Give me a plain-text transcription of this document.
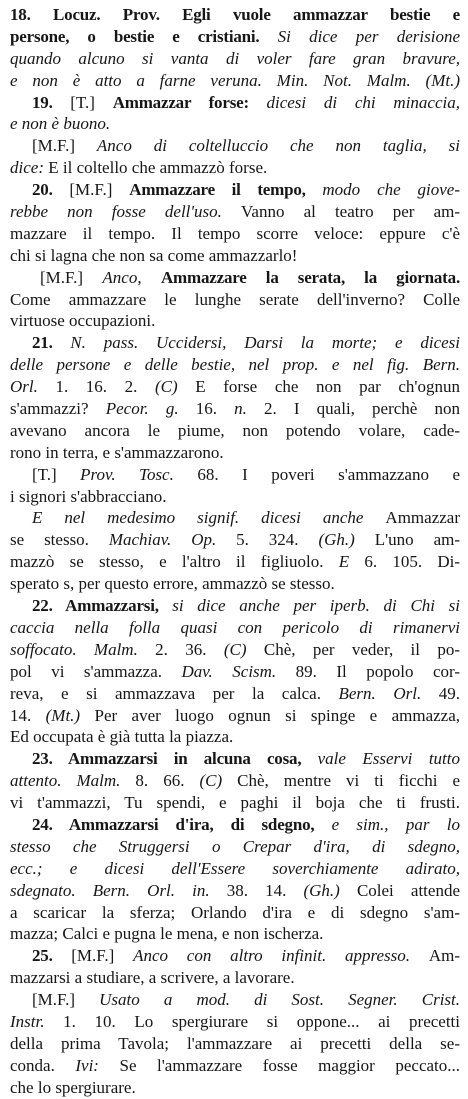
18. Locuz. Prov. Egli vuole ammazzar bestie e
persone, o bestie e cristiani. Si dice per derisione
quando alcuno si vanta di voler fare gran bravure,
e non è atto a farne veruna. Min. Not. Malm. (Mt.)
19. [T.] Ammazzar forse: dicesi di chi minaccia,
e non è buono.
[M.F.] Anco di coltelluccio che non taglia, si
dice: E il coltello che ammazzò forse.
20. [M.F.] Ammazzare il tempo, modo che giove-
rebbe non fosse dell'uso. Vanno al teatro per am-
mazzare il tempo. Il tempo scorre veloce: eppure c'è
chi si lagna che non sa come ammazzarlo!
[M.F.] Anco, Ammazzare la serata, la giornata.
Come ammazzare le lunghe serate dell'inverno? Colle
virtuose occupazioni.
21. N. pass. Uccidersi, Darsi la morte; e dicesi
delle persone e delle bestie, nel prop. e nel fig. Bern.
Orl. 1. 16. 2. (C) E forse che non par ch'ognun
s'ammazzi? Pecor. g. 16. n. 2. I quali, perchè non
avevano ancora le piume, non potendo volare, cade-
rono in terra, e s'ammazzarono.
[T.] Prov. Tosc. 68. I poveri s'ammazzano e
i signori s'abbracciano.
E nel medesimo signif. dicesi anche Ammazzar
se stesso. Machiav. Op. 5. 324. (Gh.) L'uno am-
mazzò se stesso, e l'altro il figliuolo. E 6. 105. Di-
sperato s, per questo errore, ammazzò se stesso.
22. Ammazzarsi, si dice anche per iperb. di Chi si
caccia nella folla quasi con pericolo di rimanervi
soffocato. Malm. 2. 36. (C) Chè, per veder, il po-
pol vi s'ammazza. Dav. Scism. 89. Il popolo cor-
reva, e si ammazzava per la calca. Bern. Orl. 49.
14. (Mt.) Per aver luogo ognun si spinge e ammazza,
Ed occupata è già tutta la piazza.
23. Ammazzarsi in alcuna cosa, vale Esservi tutto
attento. Malm. 8. 66. (C) Chè, mentre vi ti ficchi e
vi t'ammazzi, Tu spendi, e paghi il boja che ti frusti.
24. Ammazzarsi d'ira, di sdegno, e sim., par lo
stesso che Struggersi o Crepar d'ira, di sdegno,
ecc.; e dicesi dell'Essere soverchiamente adirato,
sdegnato. Bern. Orl. in. 38. 14. (Gh.) Colei attende
a scaricar la sferza; Orlando d'ira e di sdegno s'am-
mazza; Calci e pugna le mena, e non ischerza.
25. [M.F.] Anco con altro infinit. appresso. Am-
mazzarsi a studiare, a scrivere, a lavorare.
[M.F.] Usato a mod. di Sost. Segner. Crist.
Instr. 1. 10. Lo spergiurare si oppone... ai precetti
della prima Tavola; l'ammazzare ai precetti della se-
conda. Ivi: Se l'ammazzare fosse maggior peccato...
che lo spergiurare.
